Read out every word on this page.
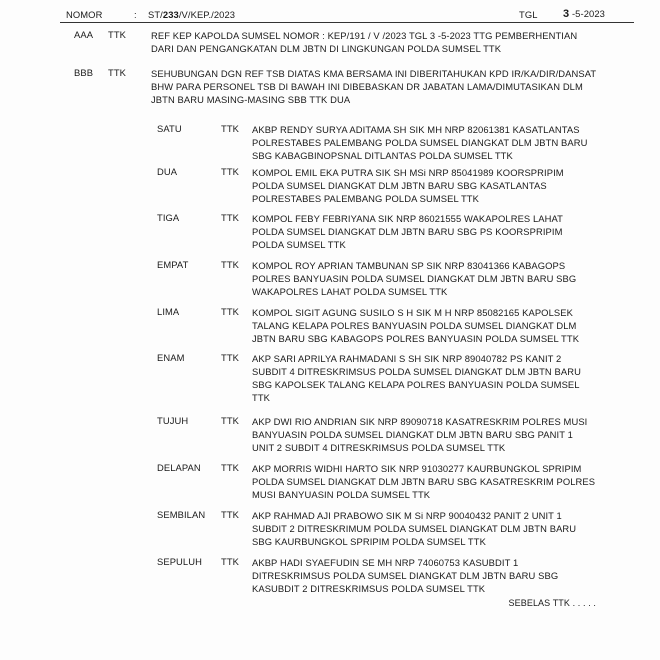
NOMOR	: ST/233/V/KEP./2023	TGL 3 -5-2023
AAA TTK	REF KEP KAPOLDA SUMSEL NOMOR : KEP/191 / V /2023 TGL 3 -5-2023 TTG PEMBERHENTIAN
DARI DAN PENGANGKATAN DLM JBTN DI LINGKUNGAN POLDA SUMSEL TTK
BBB TTK	SEHUBUNGAN DGN REF TSB DIATAS KMA BERSAMA INI DIBERITAHUKAN KPD IR/KA/DIR/DANSAT
BHW PARA PERSONEL TSB DI BAWAH INI DIBEBASKAN DR JABATAN LAMA/DIMUTASIKAN DLM
JBTN BARU MASING-MASING SBB TTK DUA
SATU	TTK AKBP RENDY SURYA ADITAMA SH SIK MH NRP 82061381 KASATLANTAS
POLRESTABES PALEMBANG POLDA SUMSEL DIANGKAT DLM JBTN BARU
SBG KABAGBINOPSNAL DITLANTAS POLDA SUMSEL TTK
DUA	TTK KOMPOL EMIL EKA PUTRA SIK SH MSi NRP 85041989 KOORSPRIPIM
POLDA SUMSEL DIANGKAT DLM JBTN BARU SBG KASATLANTAS
POLRESTABES PALEMBANG POLDA SUMSEL TTK
TIGA	TTK KOMPOL FEBY FEBRIYANA SIK NRP 86021555 WAKAPOLRES LAHAT
POLDA SUMSEL DIANGKAT DLM JBTN BARU SBG PS KOORSPRIPIM
POLDA SUMSEL TTK
EMPAT	TTK KOMPOL ROY APRIAN TAMBUNAN SP SIK NRP 83041366 KABAGOPS
POLRES BANYUASIN POLDA SUMSEL DIANGKAT DLM JBTN BARU SBG
WAKAPOLRES LAHAT POLDA SUMSEL TTK
LIMA	TTK KOMPOL SIGIT AGUNG SUSILO S H SIK M H NRP 85082165 KAPOLSEK
TALANG KELAPA POLRES BANYUASIN POLDA SUMSEL DIANGKAT DLM
JBTN BARU SBG KABAGOPS POLRES BANYUASIN POLDA SUMSEL TTK
ENAM	TTK AKP SARI APRILYA RAHMADANI S SH SIK NRP 89040782 PS KANIT 2
SUBDIT 4 DITRESKRIMSUS POLDA SUMSEL DIANGKAT DLM JBTN BARU
SBG KAPOLSEK TALANG KELAPA POLRES BANYUASIN POLDA SUMSEL
TTK
TUJUH	TTK AKP DWI RIO ANDRIAN SIK NRP 89090718 KASATRESKRIM POLRES MUSI
BANYUASIN POLDA SUMSEL DIANGKAT DLM JBTN BARU SBG PANIT 1
UNIT 2 SUBDIT 4 DITRESKRIMSUS POLDA SUMSEL TTK
DELAPAN TTK AKP MORRIS WIDHI HARTO SIK NRP 91030277 KAURBUNGKOL SPRIPIM
POLDA SUMSEL DIANGKAT DLM JBTN BARU SBG KASATRESKRIM POLRES
MUSI BANYUASIN POLDA SUMSEL TTK
SEMBILAN TTK AKP RAHMAD AJI PRABOWO SIK M Si NRP 90040432 PANIT 2 UNIT 1
SUBDIT 2 DITRESKRIMUM POLDA SUMSEL DIANGKAT DLM JBTN BARU
SBG KAURBUNGKOL SPRIPIM POLDA SUMSEL TTK
SEPULUH TTK AKBP HADI SYAEFUDIN SE MH NRP 74060753 KASUBDIT 1
DITRESKRIMSUS POLDA SUMSEL DIANGKAT DLM JBTN BARU SBG
KASUBDIT 2 DITRESKRIMSUS POLDA SUMSEL TTK
SEBELAS TTK . . . . .
